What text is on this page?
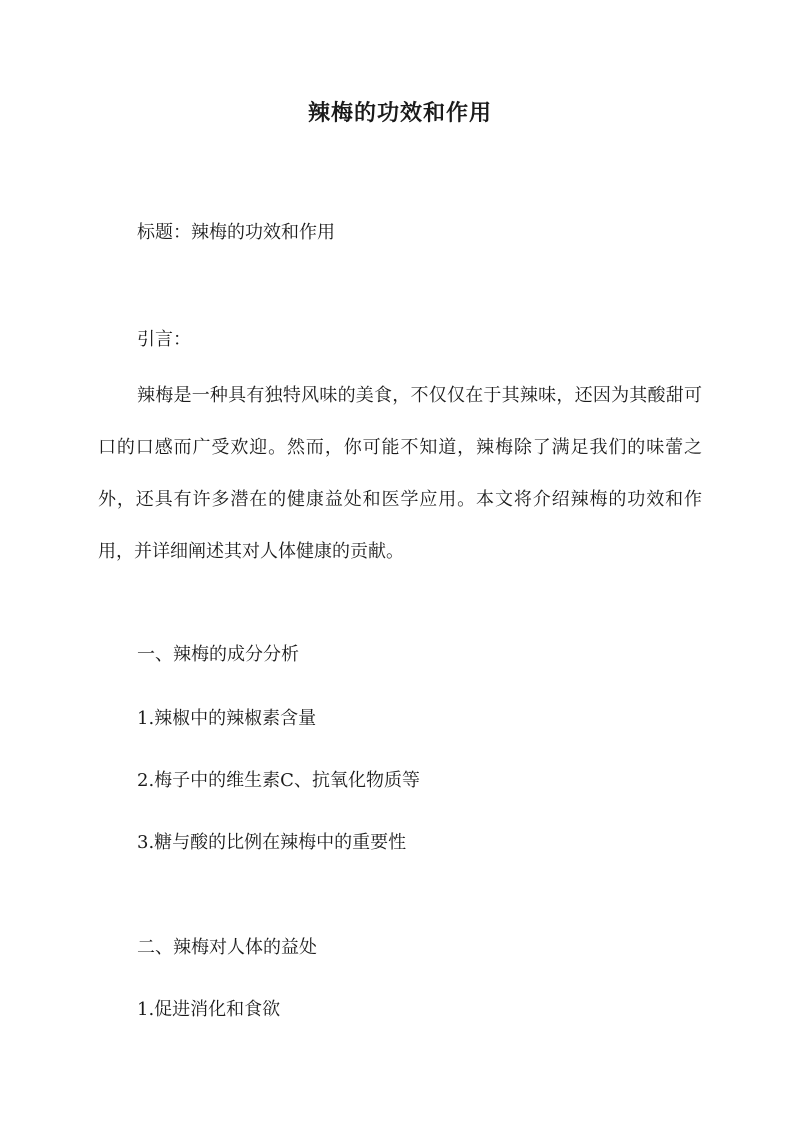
辣梅的功效和作用

标题：辣梅的功效和作用

引言：

辣梅是一种具有独特风味的美食，不仅仅在于其辣味，还因为其酸甜可口的口感而广受欢迎。然而，你可能不知道，辣梅除了满足我们的味蕾之外，还具有许多潜在的健康益处和医学应用。本文将介绍辣梅的功效和作用，并详细阐述其对人体健康的贡献。

一、辣梅的成分分析

1.辣椒中的辣椒素含量

2.梅子中的维生素C、抗氧化物质等

3.糖与酸的比例在辣梅中的重要性

二、辣梅对人体的益处

1.促进消化和食欲
